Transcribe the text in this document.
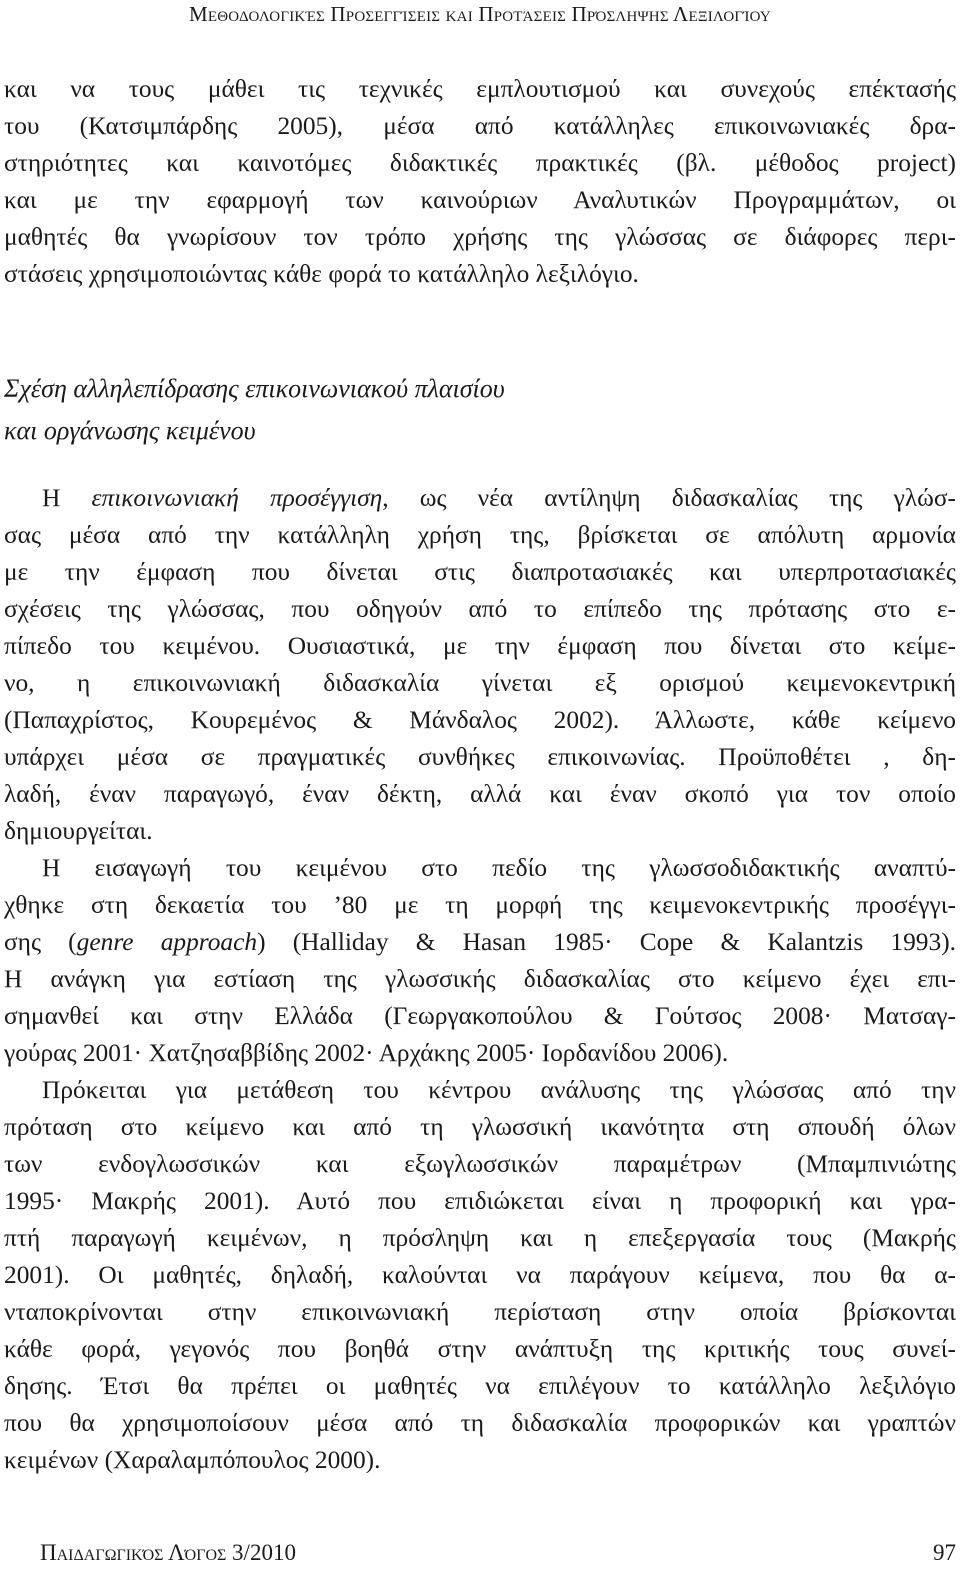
Μεθοδολογικές Προσεγγίσεις και Προτάσεις Πρόσληψης Λεξιλογίου
και να τους μάθει τις τεχνικές εμπλουτισμού και συνεχούς επέκτασής
του (Κατσιμπάρδης 2005), μέσα από κατάλληλες επικοινωνιακές δρα-
στηριότητες και καινοτόμες διδακτικές πρακτικές (βλ. μέθοδος project)
και με την εφαρμογή των καινούριων Αναλυτικών Προγραμμάτων, οι
μαθητές θα γνωρίσουν τον τρόπο χρήσης της γλώσσας σε διάφορες περι-
στάσεις χρησιμοποιώντας κάθε φορά το κατάλληλο λεξιλόγιο.
Σχέση αλληλεπίδρασης επικοινωνιακού πλαισίου
και οργάνωσης κειμένου
Η επικοινωνιακή προσέγγιση, ως νέα αντίληψη διδασκαλίας της γλώσ-
σας μέσα από την κατάλληλη χρήση της, βρίσκεται σε απόλυτη αρμονία
με την έμφαση που δίνεται στις διαπροτασιακές και υπερπροτασιακές
σχέσεις της γλώσσας, που οδηγούν από το επίπεδο της πρότασης στο ε-
πίπεδο του κειμένου. Ουσιαστικά, με την έμφαση που δίνεται στο κείμε-
νο, η επικοινωνιακή διδασκαλία γίνεται εξ ορισμού κειμενοκεντρική
(Παπαχρίστος, Κουρεμένος & Μάνδαλος 2002). Άλλωστε, κάθε κείμενο
υπάρχει μέσα σε πραγματικές συνθήκες επικοινωνίας. Προϋποθέτει , δη-
λαδή, έναν παραγωγό, έναν δέκτη, αλλά και έναν σκοπό για τον οποίο
δημιουργείται.
Η εισαγωγή του κειμένου στο πεδίο της γλωσσοδιδακτικής αναπτύ-
χθηκε στη δεκαετία του ’80 με τη μορφή της κειμενοκεντρικής προσέγγι-
σης (genre approach) (Halliday & Hasan 1985· Cope & Kalantzis 1993).
Η ανάγκη για εστίαση της γλωσσικής διδασκαλίας στο κείμενο έχει επι-
σημανθεί και στην Ελλάδα (Γεωργακοπούλου & Γούτσος 2008· Ματσαγ-
γούρας 2001· Χατζησαββίδης 2002· Αρχάκης 2005· Ιορδανίδου 2006).
Πρόκειται για μετάθεση του κέντρου ανάλυσης της γλώσσας από την
πρόταση στο κείμενο και από τη γλωσσική ικανότητα στη σπουδή όλων
των ενδογλωσσικών και εξωγλωσσικών παραμέτρων (Μπαμπινιώτης
1995· Μακρής 2001). Αυτό που επιδιώκεται είναι η προφορική και γρα-
πτή παραγωγή κειμένων, η πρόσληψη και η επεξεργασία τους (Μακρής
2001). Οι μαθητές, δηλαδή, καλούνται να παράγουν κείμενα, που θα α-
νταποκρίνονται στην επικοινωνιακή περίσταση στην οποία βρίσκονται
κάθε φορά, γεγονός που βοηθά στην ανάπτυξη της κριτικής τους συνεί-
δησης. Έτσι θα πρέπει οι μαθητές να επιλέγουν το κατάλληλο λεξιλόγιο
που θα χρησιμοποίσουν μέσα από τη διδασκαλία προφορικών και γραπτών
κειμένων (Χαραλαμπόπουλος 2000).
Παιδαγωγικός Λόγος 3/2010	97
